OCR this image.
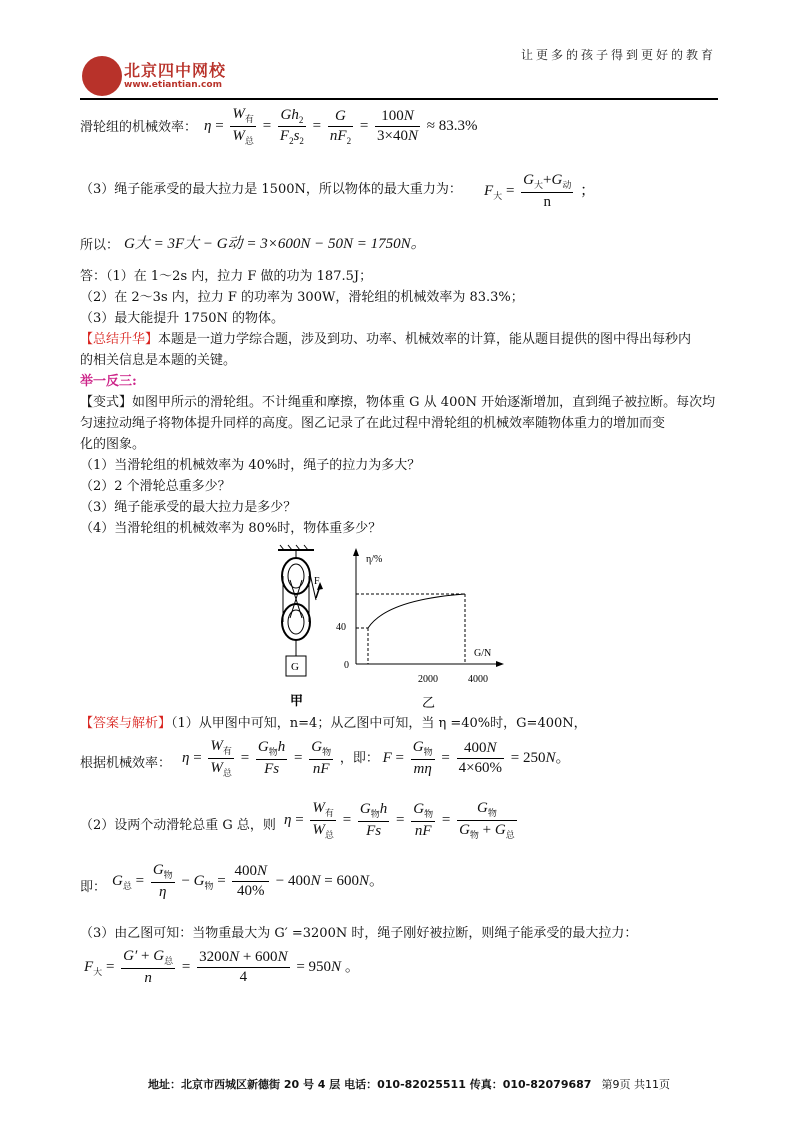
北京四中网校
www.etiantian.com
让更多的孩子得到更好的教育
滑轮组的机械效率： $\eta = \frac{W_有}{W_总} = \frac{Gh_2}{F_2s_2} = \frac{G}{nF_2} = \frac{100N}{3\times 40N} \approx 83.3\%$
（3）绳子能承受的最大拉力是 1500N，所以物体的最大重力为： $F_大 = \frac{G_大+G_动}{n}$ ；
所以： G大 = 3F大 − G动 = 3×600N − 50N = 1750N。
答：（1）在 1～2s 内，拉力 F 做的功为 187.5J；
（2）在 2～3s 内，拉力 F 的功率为 300W，滑轮组的机械效率为 83.3%；
（3）最大能提升 1750N 的物体。
【总结升华】本题是一道力学综合题，涉及到功、功率、机械效率的计算，能从题目提供的图中得出每秒内
的相关信息是本题的关键。
举一反三:
【变式】如图甲所示的滑轮组。不计绳重和摩擦，物体重 G 从 400N 开始逐渐增加，直到绳子被拉断。每次均
匀速拉动绳子将物体提升同样的高度。图乙记录了在此过程中滑轮组的机械效率随物体重力的增加而变
化的图象。
（1）当滑轮组的机械效率为 40%时，绳子的拉力为多大？
（2）2 个滑轮总重多少？
（3）绳子能承受的最大拉力是多少？
（4）当滑轮组的机械效率为 80%时，物体重多少？
F
G
η/%
G/N
0
40
2000	4000
甲	乙
【答案与解析】（1）从甲图中可知，n=4；从乙图中可知，当 η =40%时，G=400N，
根据机械效率： $\eta = \frac{W_有}{W_总} = \frac{G_物h}{Fs} = \frac{G_物}{nF}$ ，即： $F = \frac{G_物}{m\eta} = \frac{400N}{4\times 60\%} = 250N$。
（2）设两个动滑轮总重 G 总，则 $\eta = \frac{W_有}{W_总} = \frac{G_物h}{Fs} = \frac{G_物}{nF} = \frac{G_物}{G_物 + G_总}$
即： $G_总 = \frac{G_物}{\eta} - G_物 = \frac{400N}{40\%} - 400N = 600N$。
（3）由乙图可知：当物重最大为 G′ =3200N 时，绳子刚好被拉断，则绳子能承受的最大拉力：
$F_大 = \frac{G' + G_总}{n} = \frac{3200N + 600N}{4} = 950N$ 。
地址：北京市西城区新德街 20 号 4 层 电话：010-82025511 传真：010-82079687 第9页 共11页
